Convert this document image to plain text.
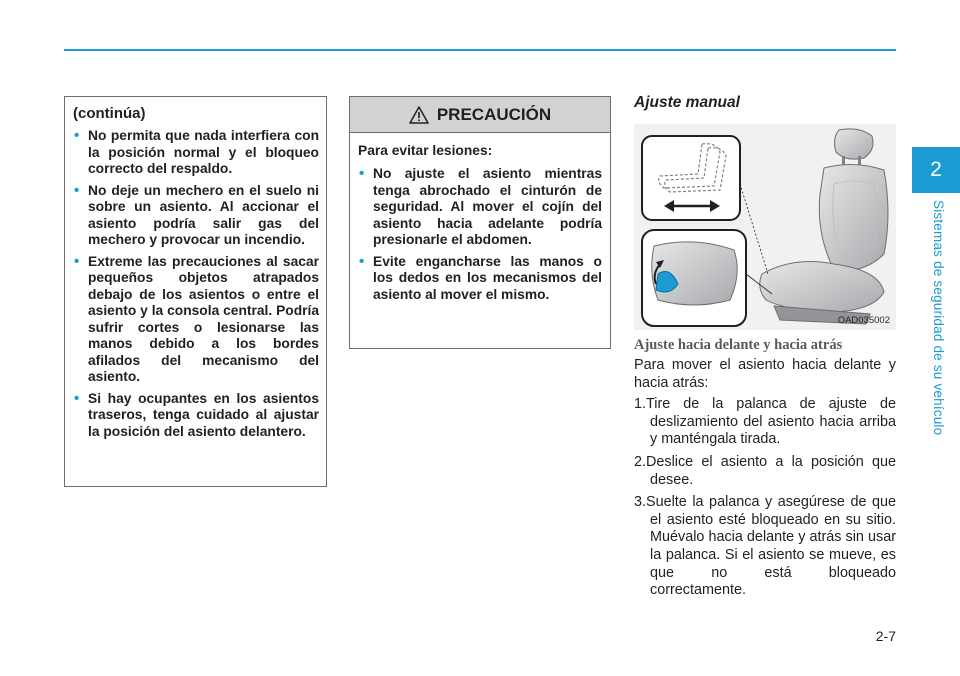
2
Sistemas de seguridad de su vehículo
(continúa)
• No permita que nada interfiera con la posición normal y el bloqueo correcto del respaldo.
• No deje un mechero en el suelo ni sobre un asiento. Al accionar el asiento podría salir gas del mechero y provocar un incendio.
• Extreme las precauciones al sacar pequeños objetos atrapados debajo de los asientos o entre el asiento y la consola central. Podría sufrir cortes o lesionarse las manos debido a los bordes afilados del mecanismo del asiento.
• Si hay ocupantes en los asientos traseros, tenga cuidado al ajustar la posición del asiento delantero.
PRECAUCIÓN

Para evitar lesiones:

• No ajuste el asiento mientras tenga abrochado el cinturón de seguridad. Al mover el cojín del asiento hacia adelante podría presionarle el abdomen.
• Evite engancharse las manos o los dedos en los mecanismos del asiento al mover el mismo.
Ajuste manual
OAD035002
Ajuste hacia delante y hacia atrás

Para mover el asiento hacia delante y hacia atrás:

1.Tire de la palanca de ajuste de deslizamiento del asiento hacia arriba y manténgala tirada.
2.Deslice el asiento a la posición que desee.
3.Suelte la palanca y asegúrese de que el asiento esté bloqueado en su sitio. Muévalo hacia delante y atrás sin usar la palanca. Si el asiento se mueve, es que no está bloqueado correctamente.
2-7
